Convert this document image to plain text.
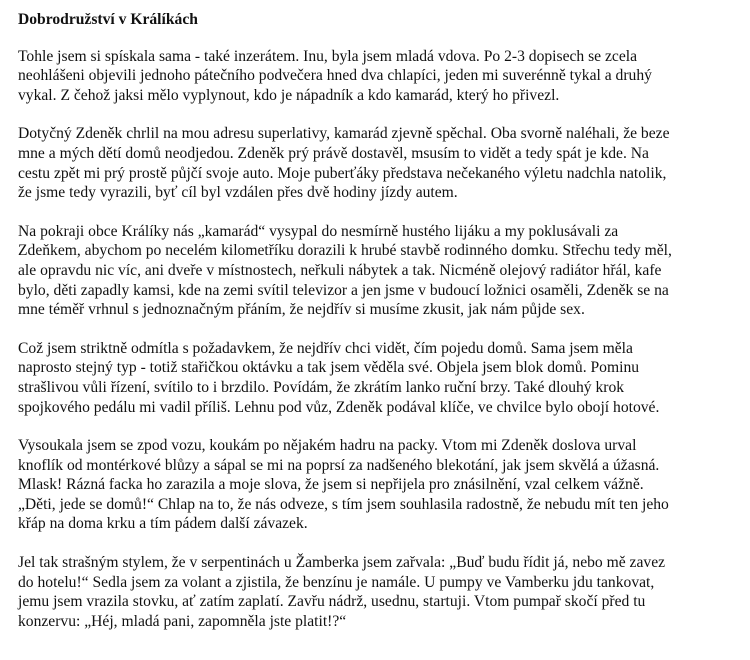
Dobrodružství v Králíkách
Tohle jsem si spískala sama - také inzerátem. Inu, byla jsem mladá vdova. Po 2-3 dopisech se zcela
neohlášeni objevili jednoho pátečního podvečera hned dva chlapíci, jeden mi suverénně tykal a druhý
vykal. Z čehož jaksi mělo vyplynout, kdo je nápadník a kdo kamarád, který ho přivezl.
Dotyčný Zdeněk chrlil na mou adresu superlativy, kamarád zjevně spěchal. Oba svorně naléhali, že beze
mne a mých dětí domů neodjedou. Zdeněk prý právě dostavěl, msusím to vidět a tedy spát je kde. Na
cestu zpět mi prý prostě půjčí svoje auto. Moje puberťáky představa nečekaného výletu nadchla natolik,
že jsme tedy vyrazili, byť cíl byl vzdálen přes dvě hodiny jízdy autem.
Na pokraji obce Králíky nás „kamarád“ vysypal do nesmírně hustého lijáku a my poklusávali za
Zdeňkem, abychom po necelém kilometříku dorazili k hrubé stavbě rodinného domku. Střechu tedy měl,
ale opravdu nic víc, ani dveře v místnostech, neřkuli nábytek a tak. Nicméně olejový radiátor hřál, kafe
bylo, děti zapadly kamsi, kde na zemi svítil televizor a jen jsme v budoucí ložnici osaměli, Zdeněk se na
mne téměř vrhnul s jednoznačným přáním, že nejdřív si musíme zkusit, jak nám půjde sex.
Což jsem striktně odmítla s požadavkem, že nejdřív chci vidět, čím pojedu domů. Sama jsem měla
naprosto stejný typ - totiž stařičkou oktávku a tak jsem věděla své. Objela jsem blok domů. Pominu
strašlivou vůli řízení, svítilo to i brzdilo. Povídám, že zkrátím lanko ruční brzy. Také dlouhý krok
spojkového pedálu mi vadil příliš. Lehnu pod vůz, Zdeněk podával klíče, ve chvilce bylo obojí hotové.
Vysoukala jsem se zpod vozu, koukám po nějakém hadru na packy. Vtom mi Zdeněk doslova urval
knoflík od montérkové blůzy a sápal se mi na poprsí za nadšeného blekotání, jak jsem skvělá a úžasná.
Mlask! Rázná facka ho zarazila a moje slova, že jsem si nepřijela pro znásilnění, vzal celkem vážně.
„Děti, jede se domů!“ Chlap na to, že nás odveze, s tím jsem souhlasila radostně, že nebudu mít ten jeho
křáp na doma krku a tím pádem další závazek.
Jel tak strašným stylem, že v serpentinách u Žamberka jsem zařvala: „Buď budu řídit já, nebo mě zavez
do hotelu!“ Sedla jsem za volant a zjistila, že benzínu je namále. U pumpy ve Vamberku jdu tankovat,
jemu jsem vrazila stovku, ať zatím zaplatí. Zavřu nádrž, usednu, startuji. Vtom pumpař skočí před tu
konzervu: „Héj, mladá pani, zapomněla jste platit!?“
